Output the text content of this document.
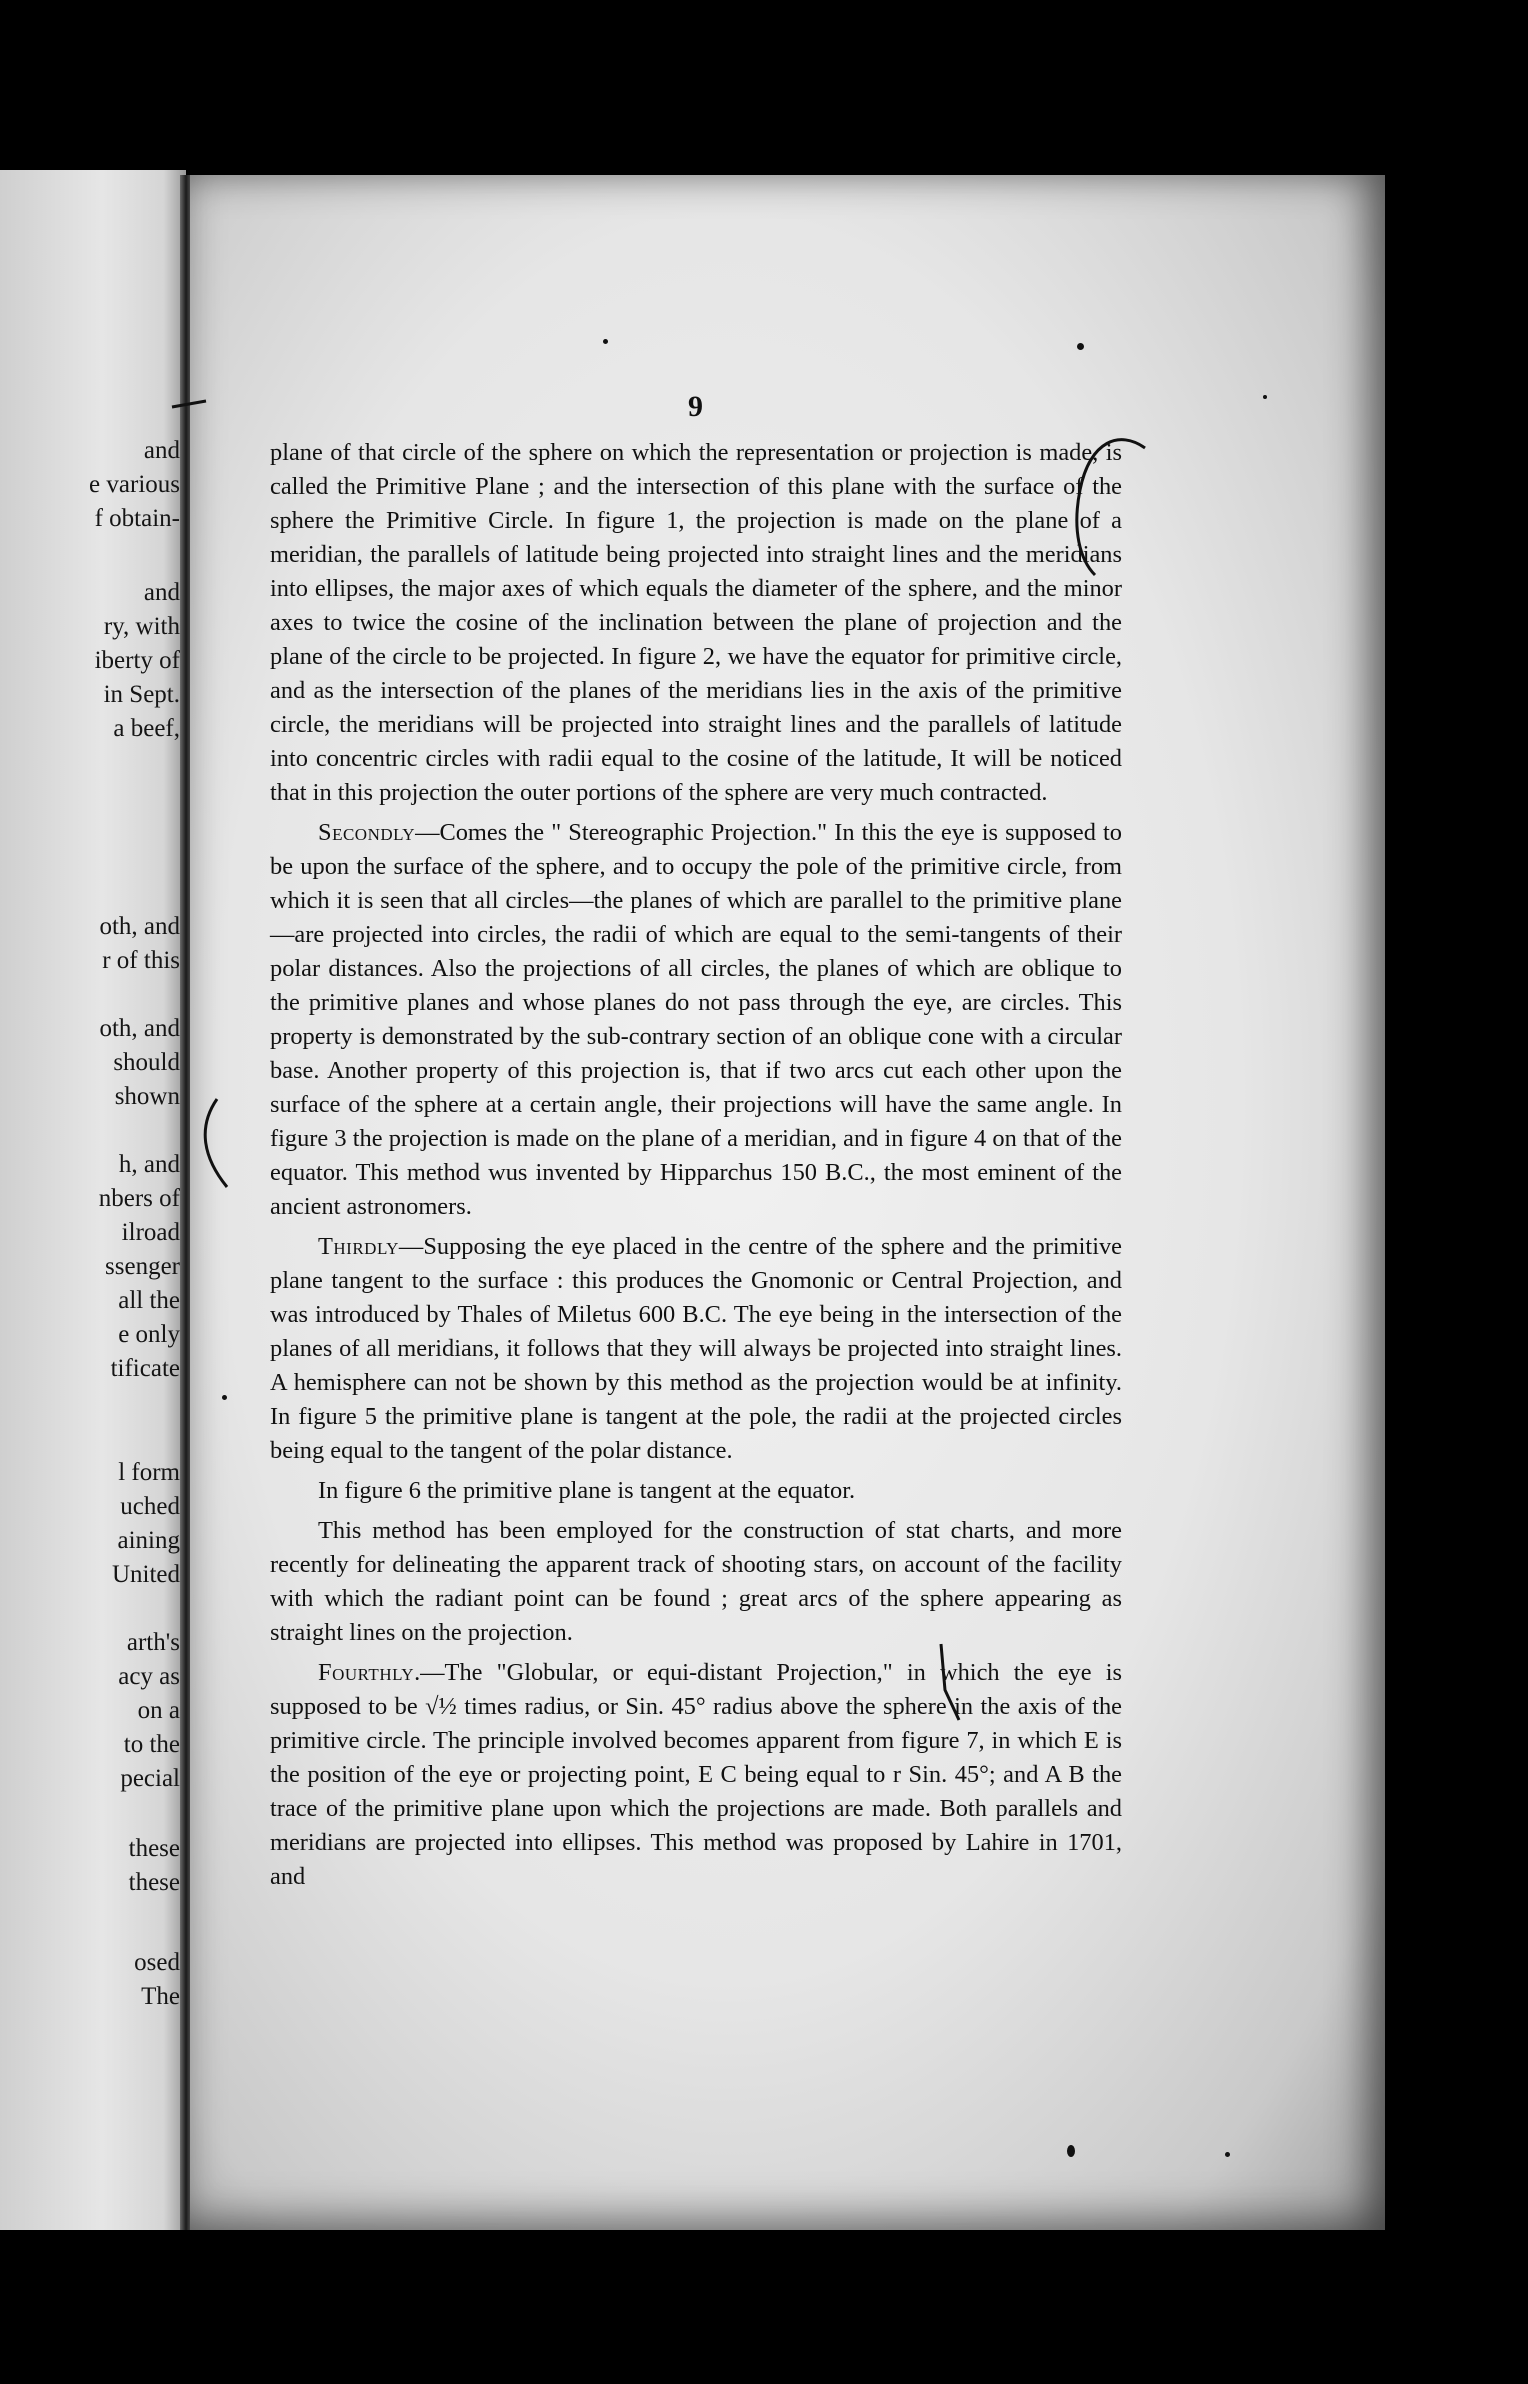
and
e various
f obtain-
and
ry, with
iberty of
in Sept.
a beef,
oth, and
r of this
oth, and
should
shown
h, and
nbers of
ilroad
ssenger
all the
e only
tificate
l form
uched
aining
United
arth's
acy as
on a
to the
pecial
these
these
osed
The
9

plane of that circle of the sphere on which the representation or projection is made, is called the Primitive Plane ; and the intersection of this plane with the surface of the sphere the Primitive Circle. In figure 1, the projection is made on the plane of a meridian, the parallels of latitude being projected into straight lines and the meridians into ellipses, the major axes of which equals the diameter of the sphere, and the minor axes to twice the cosine of the inclination between the plane of projection and the plane of the circle to be projected. In figure 2, we have the equator for primitive circle, and as the intersection of the planes of the meridians lies in the axis of the primitive circle, the meridians will be projected into straight lines and the parallels of latitude into concentric circles with radii equal to the cosine of the latitude, It will be noticed that in this projection the outer portions of the sphere are very much contracted.

Secondly—Comes the " Stereographic Projection." In this the eye is supposed to be upon the surface of the sphere, and to occupy the pole of the primitive circle, from which it is seen that all circles—the planes of which are parallel to the primitive plane—are projected into circles, the radii of which are equal to the semi-tangents of their polar distances. Also the projections of all circles, the planes of which are oblique to the primitive planes and whose planes do not pass through the eye, are circles. This property is demonstrated by the sub-contrary section of an oblique cone with a circular base. Another property of this projection is, that if two arcs cut each other upon the surface of the sphere at a certain angle, their projections will have the same angle. In figure 3 the projection is made on the plane of a meridian, and in figure 4 on that of the equator. This method wus invented by Hipparchus 150 B.C., the most eminent of the ancient astronomers.

Thirdly—Supposing the eye placed in the centre of the sphere and the primitive plane tangent to the surface : this produces the Gnomonic or Central Projection, and was introduced by Thales of Miletus 600 B.C. The eye being in the intersection of the planes of all meridians, it follows that they will always be projected into straight lines. A hemisphere can not be shown by this method as the projection would be at infinity. In figure 5 the primitive plane is tangent at the pole, the radii at the projected circles being equal to the tangent of the polar distance.

In figure 6 the primitive plane is tangent at the equator.

This method has been employed for the construction of stat charts, and more recently for delineating the apparent track of shooting stars, on account of the facility with which the radiant point can be found ; great arcs of the sphere appearing as straight lines on the projection.

Fourthly.—The "Globular, or equi-distant Projection," in which the eye is supposed to be √½ times radius, or Sin. 45° radius above the sphere in the axis of the primitive circle. The principle involved becomes apparent from figure 7, in which E is the position of the eye or projecting point, E C being equal to r Sin. 45°; and A B the trace of the primitive plane upon which the projections are made. Both parallels and meridians are projected into ellipses. This method was proposed by Lahire in 1701, and
